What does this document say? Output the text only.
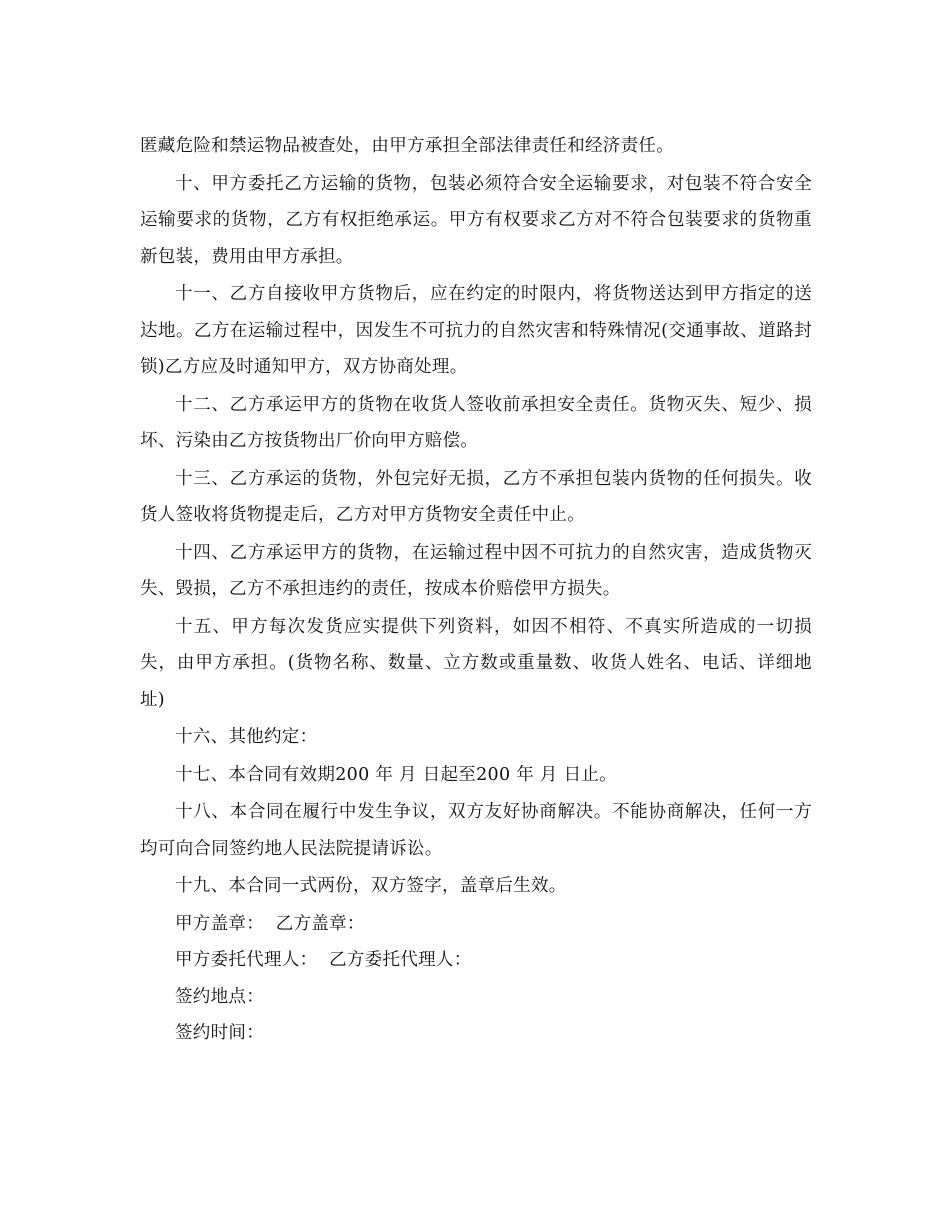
匿藏危险和禁运物品被查处，由甲方承担全部法律责任和经济责任。

十、甲方委托乙方运输的货物，包装必须符合安全运输要求，对包装不符合安全运输要求的货物，乙方有权拒绝承运。甲方有权要求乙方对不符合包装要求的货物重新包装，费用由甲方承担。

十一、乙方自接收甲方货物后，应在约定的时限内，将货物送达到甲方指定的送达地。乙方在运输过程中，因发生不可抗力的自然灾害和特殊情况(交通事故、道路封锁)乙方应及时通知甲方，双方协商处理。

十二、乙方承运甲方的货物在收货人签收前承担安全责任。货物灭失、短少、损坏、污染由乙方按货物出厂价向甲方赔偿。

十三、乙方承运的货物，外包完好无损，乙方不承担包装内货物的任何损失。收货人签收将货物提走后，乙方对甲方货物安全责任中止。

十四、乙方承运甲方的货物，在运输过程中因不可抗力的自然灾害，造成货物灭失、毁损，乙方不承担违约的责任，按成本价赔偿甲方损失。

十五、甲方每次发货应实提供下列资料，如因不相符、不真实所造成的一切损失，由甲方承担。(货物名称、数量、立方数或重量数、收货人姓名、电话、详细地址)

十六、其他约定：

十七、本合同有效期200 年 月 日起至200 年 月 日止。

十八、本合同在履行中发生争议，双方友好协商解决。不能协商解决，任何一方均可向合同签约地人民法院提请诉讼。

十九、本合同一式两份，双方签字，盖章后生效。

甲方盖章：  乙方盖章：

甲方委托代理人：  乙方委托代理人：

签约地点：

签约时间：
